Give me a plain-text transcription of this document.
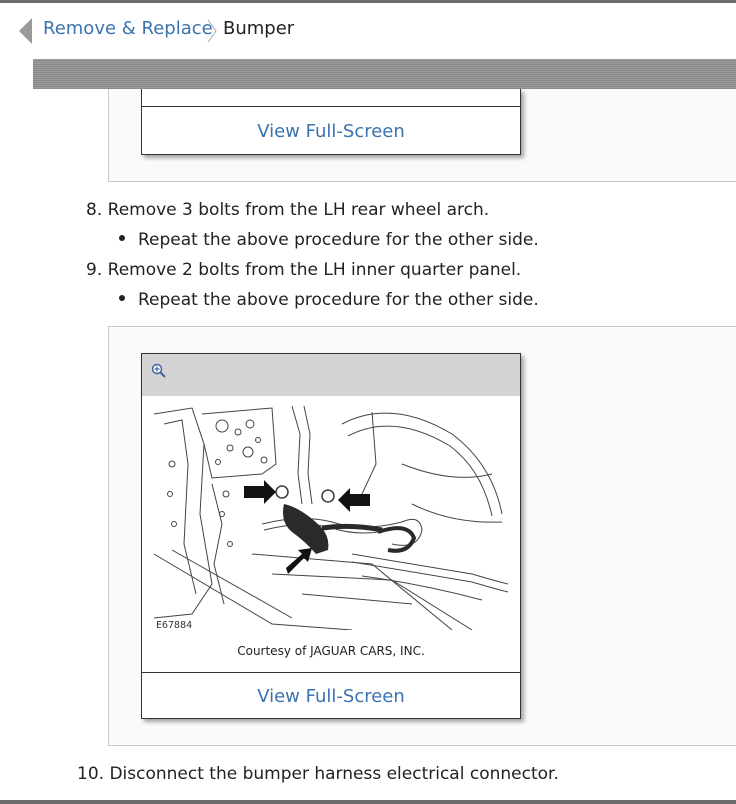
Remove & Replace Bumper
View Full-Screen
8. Remove 3 bolts from the LH rear wheel arch.
Repeat the above procedure for the other side.
9. Remove 2 bolts from the LH inner quarter panel.
Repeat the above procedure for the other side.
E67884
Courtesy of JAGUAR CARS, INC.
View Full-Screen
10. Disconnect the bumper harness electrical connector.
